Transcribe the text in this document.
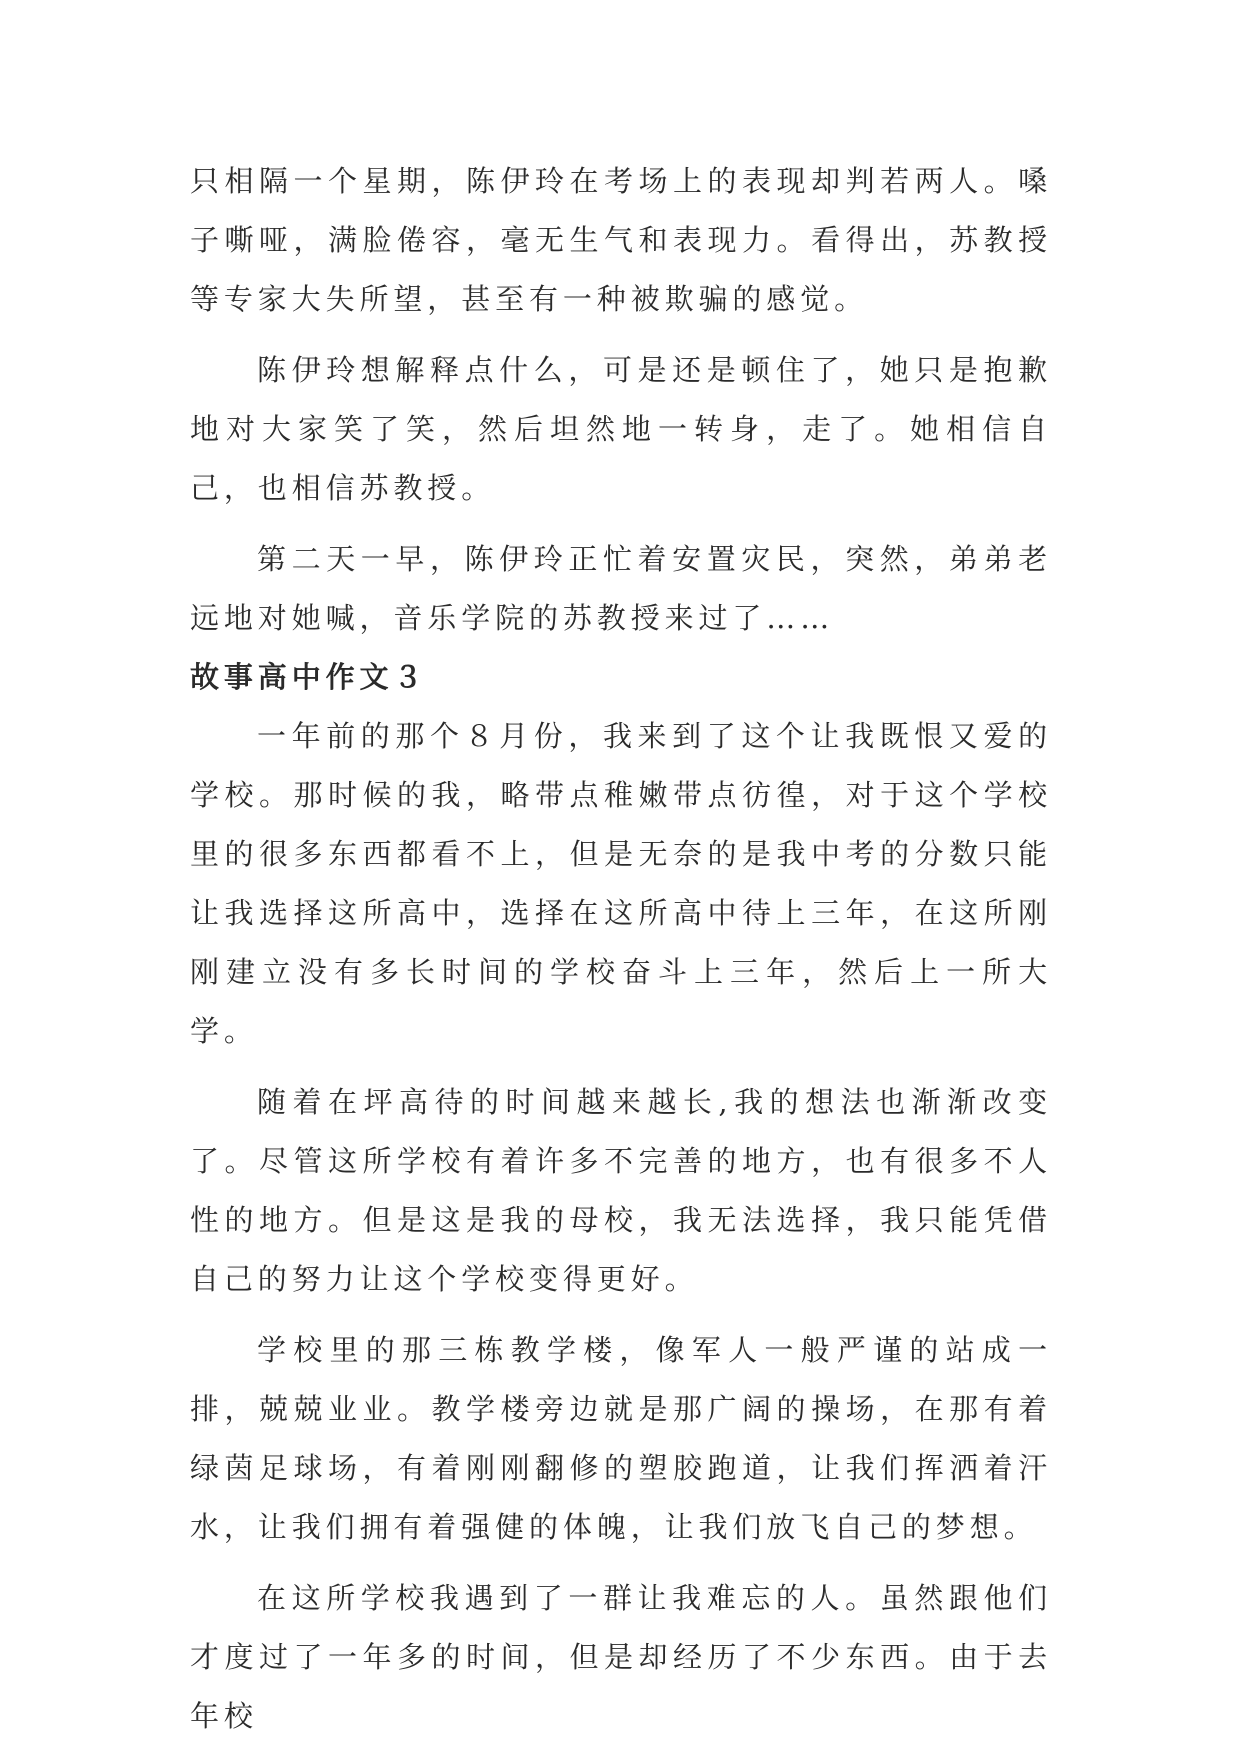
只相隔一个星期，陈伊玲在考场上的表现却判若两人。嗓子嘶哑，满脸倦容，毫无生气和表现力。看得出，苏教授等专家大失所望，甚至有一种被欺骗的感觉。

陈伊玲想解释点什么，可是还是顿住了，她只是抱歉地对大家笑了笑，然后坦然地一转身，走了。她相信自己，也相信苏教授。

第二天一早，陈伊玲正忙着安置灾民，突然，弟弟老远地对她喊，音乐学院的苏教授来过了……

故事高中作文３

一年前的那个８月份，我来到了这个让我既恨又爱的学校。那时候的我，略带点稚嫩带点彷徨，对于这个学校里的很多东西都看不上，但是无奈的是我中考的分数只能让我选择这所高中，选择在这所高中待上三年，在这所刚刚建立没有多长时间的学校奋斗上三年，然后上一所大学。

随着在坪高待的时间越来越长,我的想法也渐渐改变了。尽管这所学校有着许多不完善的地方，也有很多不人性的地方。但是这是我的母校，我无法选择，我只能凭借自己的努力让这个学校变得更好。

学校里的那三栋教学楼，像军人一般严谨的站成一排，兢兢业业。教学楼旁边就是那广阔的操场，在那有着绿茵足球场，有着刚刚翻修的塑胶跑道，让我们挥洒着汗水，让我们拥有着强健的体魄，让我们放飞自己的梦想。

在这所学校我遇到了一群让我难忘的人。虽然跟他们才度过了一年多的时间，但是却经历了不少东西。由于去年校
